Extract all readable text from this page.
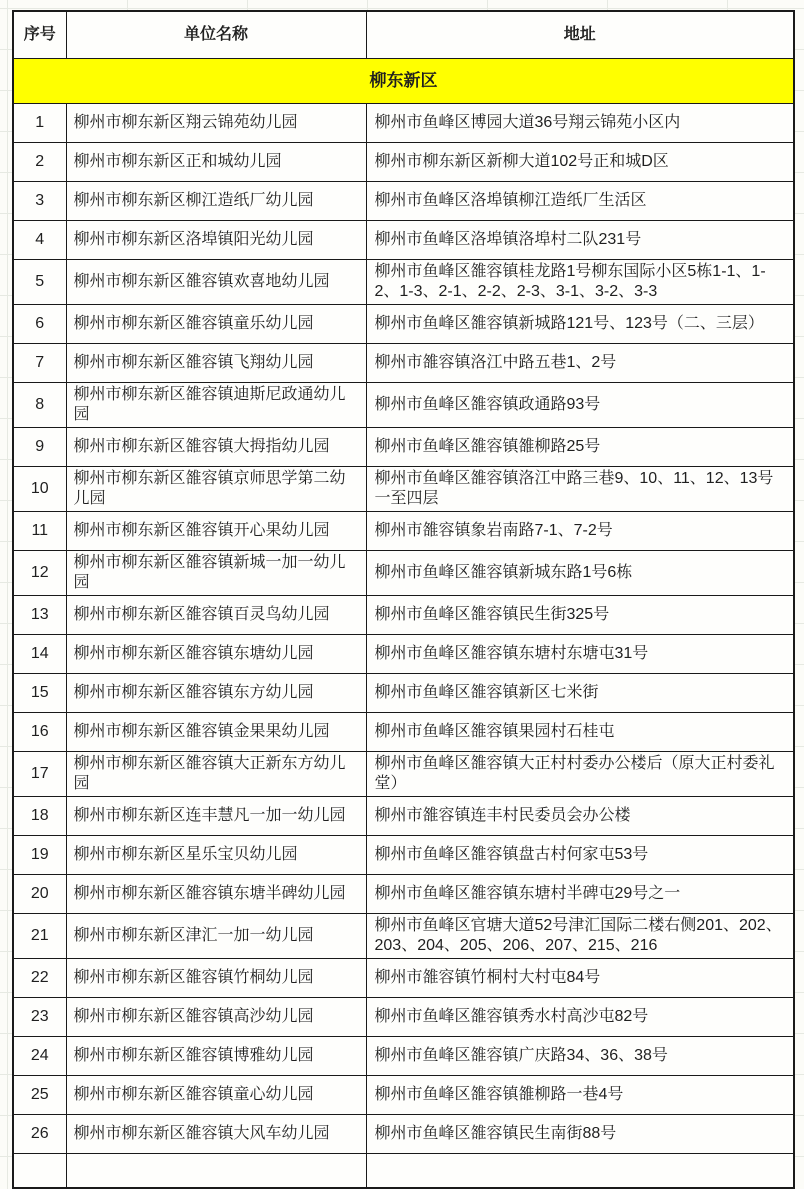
序号	单位名称	地址
柳东新区		
1	柳州市柳东新区翔云锦苑幼儿园	柳州市鱼峰区博园大道36号翔云锦苑小区内
2	柳州市柳东新区正和城幼儿园	柳州市柳东新区新柳大道102号正和城D区
3	柳州市柳东新区柳江造纸厂幼儿园	柳州市鱼峰区洛埠镇柳江造纸厂生活区
4	柳州市柳东新区洛埠镇阳光幼儿园	柳州市鱼峰区洛埠镇洛埠村二队231号
5	柳州市柳东新区雒容镇欢喜地幼儿园	柳州市鱼峰区雒容镇桂龙路1号柳东国际小区5栋1-1、1-2、1-3、2-1、2-2、2-3、3-1、3-2、3-3
6	柳州市柳东新区雒容镇童乐幼儿园	柳州市鱼峰区雒容镇新城路121号、123号（二、三层）
7	柳州市柳东新区雒容镇飞翔幼儿园	柳州市雒容镇洛江中路五巷1、2号
8	柳州市柳东新区雒容镇迪斯尼政通幼儿园	柳州市鱼峰区雒容镇政通路93号
9	柳州市柳东新区雒容镇大拇指幼儿园	柳州市鱼峰区雒容镇雒柳路25号
10	柳州市柳东新区雒容镇京师思学第二幼儿园	柳州市鱼峰区雒容镇洛江中路三巷9、10、11、12、13号一至四层
11	柳州市柳东新区雒容镇开心果幼儿园	柳州市雒容镇象岩南路7-1、7-2号
12	柳州市柳东新区雒容镇新城一加一幼儿园	柳州市鱼峰区雒容镇新城东路1号6栋
13	柳州市柳东新区雒容镇百灵鸟幼儿园	柳州市鱼峰区雒容镇民生街325号
14	柳州市柳东新区雒容镇东塘幼儿园	柳州市鱼峰区雒容镇东塘村东塘屯31号
15	柳州市柳东新区雒容镇东方幼儿园	柳州市鱼峰区雒容镇新区七米街
16	柳州市柳东新区雒容镇金果果幼儿园	柳州市鱼峰区雒容镇果园村石桂屯
17	柳州市柳东新区雒容镇大正新东方幼儿园	柳州市鱼峰区雒容镇大正村村委办公楼后（原大正村委礼堂）
18	柳州市柳东新区连丰慧凡一加一幼儿园	柳州市雒容镇连丰村民委员会办公楼
19	柳州市柳东新区星乐宝贝幼儿园	柳州市鱼峰区雒容镇盘古村何家屯53号
20	柳州市柳东新区雒容镇东塘半碑幼儿园	柳州市鱼峰区雒容镇东塘村半碑屯29号之一
21	柳州市柳东新区津汇一加一幼儿园	柳州市鱼峰区官塘大道52号津汇国际二楼右侧201、202、203、204、205、206、207、215、216
22	柳州市柳东新区雒容镇竹桐幼儿园	柳州市雒容镇竹桐村大村屯84号
23	柳州市柳东新区雒容镇高沙幼儿园	柳州市鱼峰区雒容镇秀水村高沙屯82号
24	柳州市柳东新区雒容镇博雅幼儿园	柳州市鱼峰区雒容镇广庆路34、36、38号
25	柳州市柳东新区雒容镇童心幼儿园	柳州市鱼峰区雒容镇雒柳路一巷4号
26	柳州市柳东新区雒容镇大风车幼儿园	柳州市鱼峰区雒容镇民生南街88号
